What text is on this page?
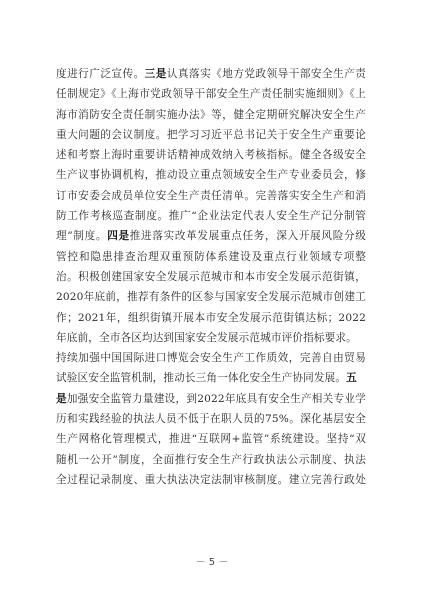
度进行广泛宣传。三是认真落实《地方党政领导干部安全生产责
任制规定》《上海市党政领导干部安全生产责任制实施细则》《上
海市消防安全责任制实施办法》等，健全定期研究解决安全生产
重大问题的会议制度。把学习习近平总书记关于安全生产重要论
述和考察上海时重要讲话精神成效纳入考核指标。健全各级安全
生产议事协调机构，推动设立重点领域安全生产专业委员会，修
订市安委会成员单位安全生产责任清单。完善落实安全生产和消
防工作考核巡查制度。推广“企业法定代表人安全生产记分制管
理”制度。四是推进落实改革发展重点任务，深入开展风险分级
管控和隐患排查治理双重预防体系建设及重点行业领域专项整
治。积极创建国家安全发展示范城市和本市安全发展示范街镇，
2020年底前，推荐有条件的区参与国家安全发展示范城市创建工
作；2021年，组织街镇开展本市安全发展示范街镇达标；2022
年底前，全市各区均达到国家安全发展示范城市评价指标要求。
持续加强中国国际进口博览会安全生产工作质效，完善自由贸易
试验区安全监管机制，推动长三角一体化安全生产协同发展。五
是加强安全监管力量建设，到2022年底具有安全生产相关专业学
历和实践经验的执法人员不低于在职人员的75%。深化基层安全
生产网格化管理模式，推进“互联网+监管”系统建设。坚持“双
随机一公开”制度，全面推行安全生产行政执法公示制度、执法
全过程记录制度、重大执法决定法制审核制度。建立完善行政处
－ 5 －
